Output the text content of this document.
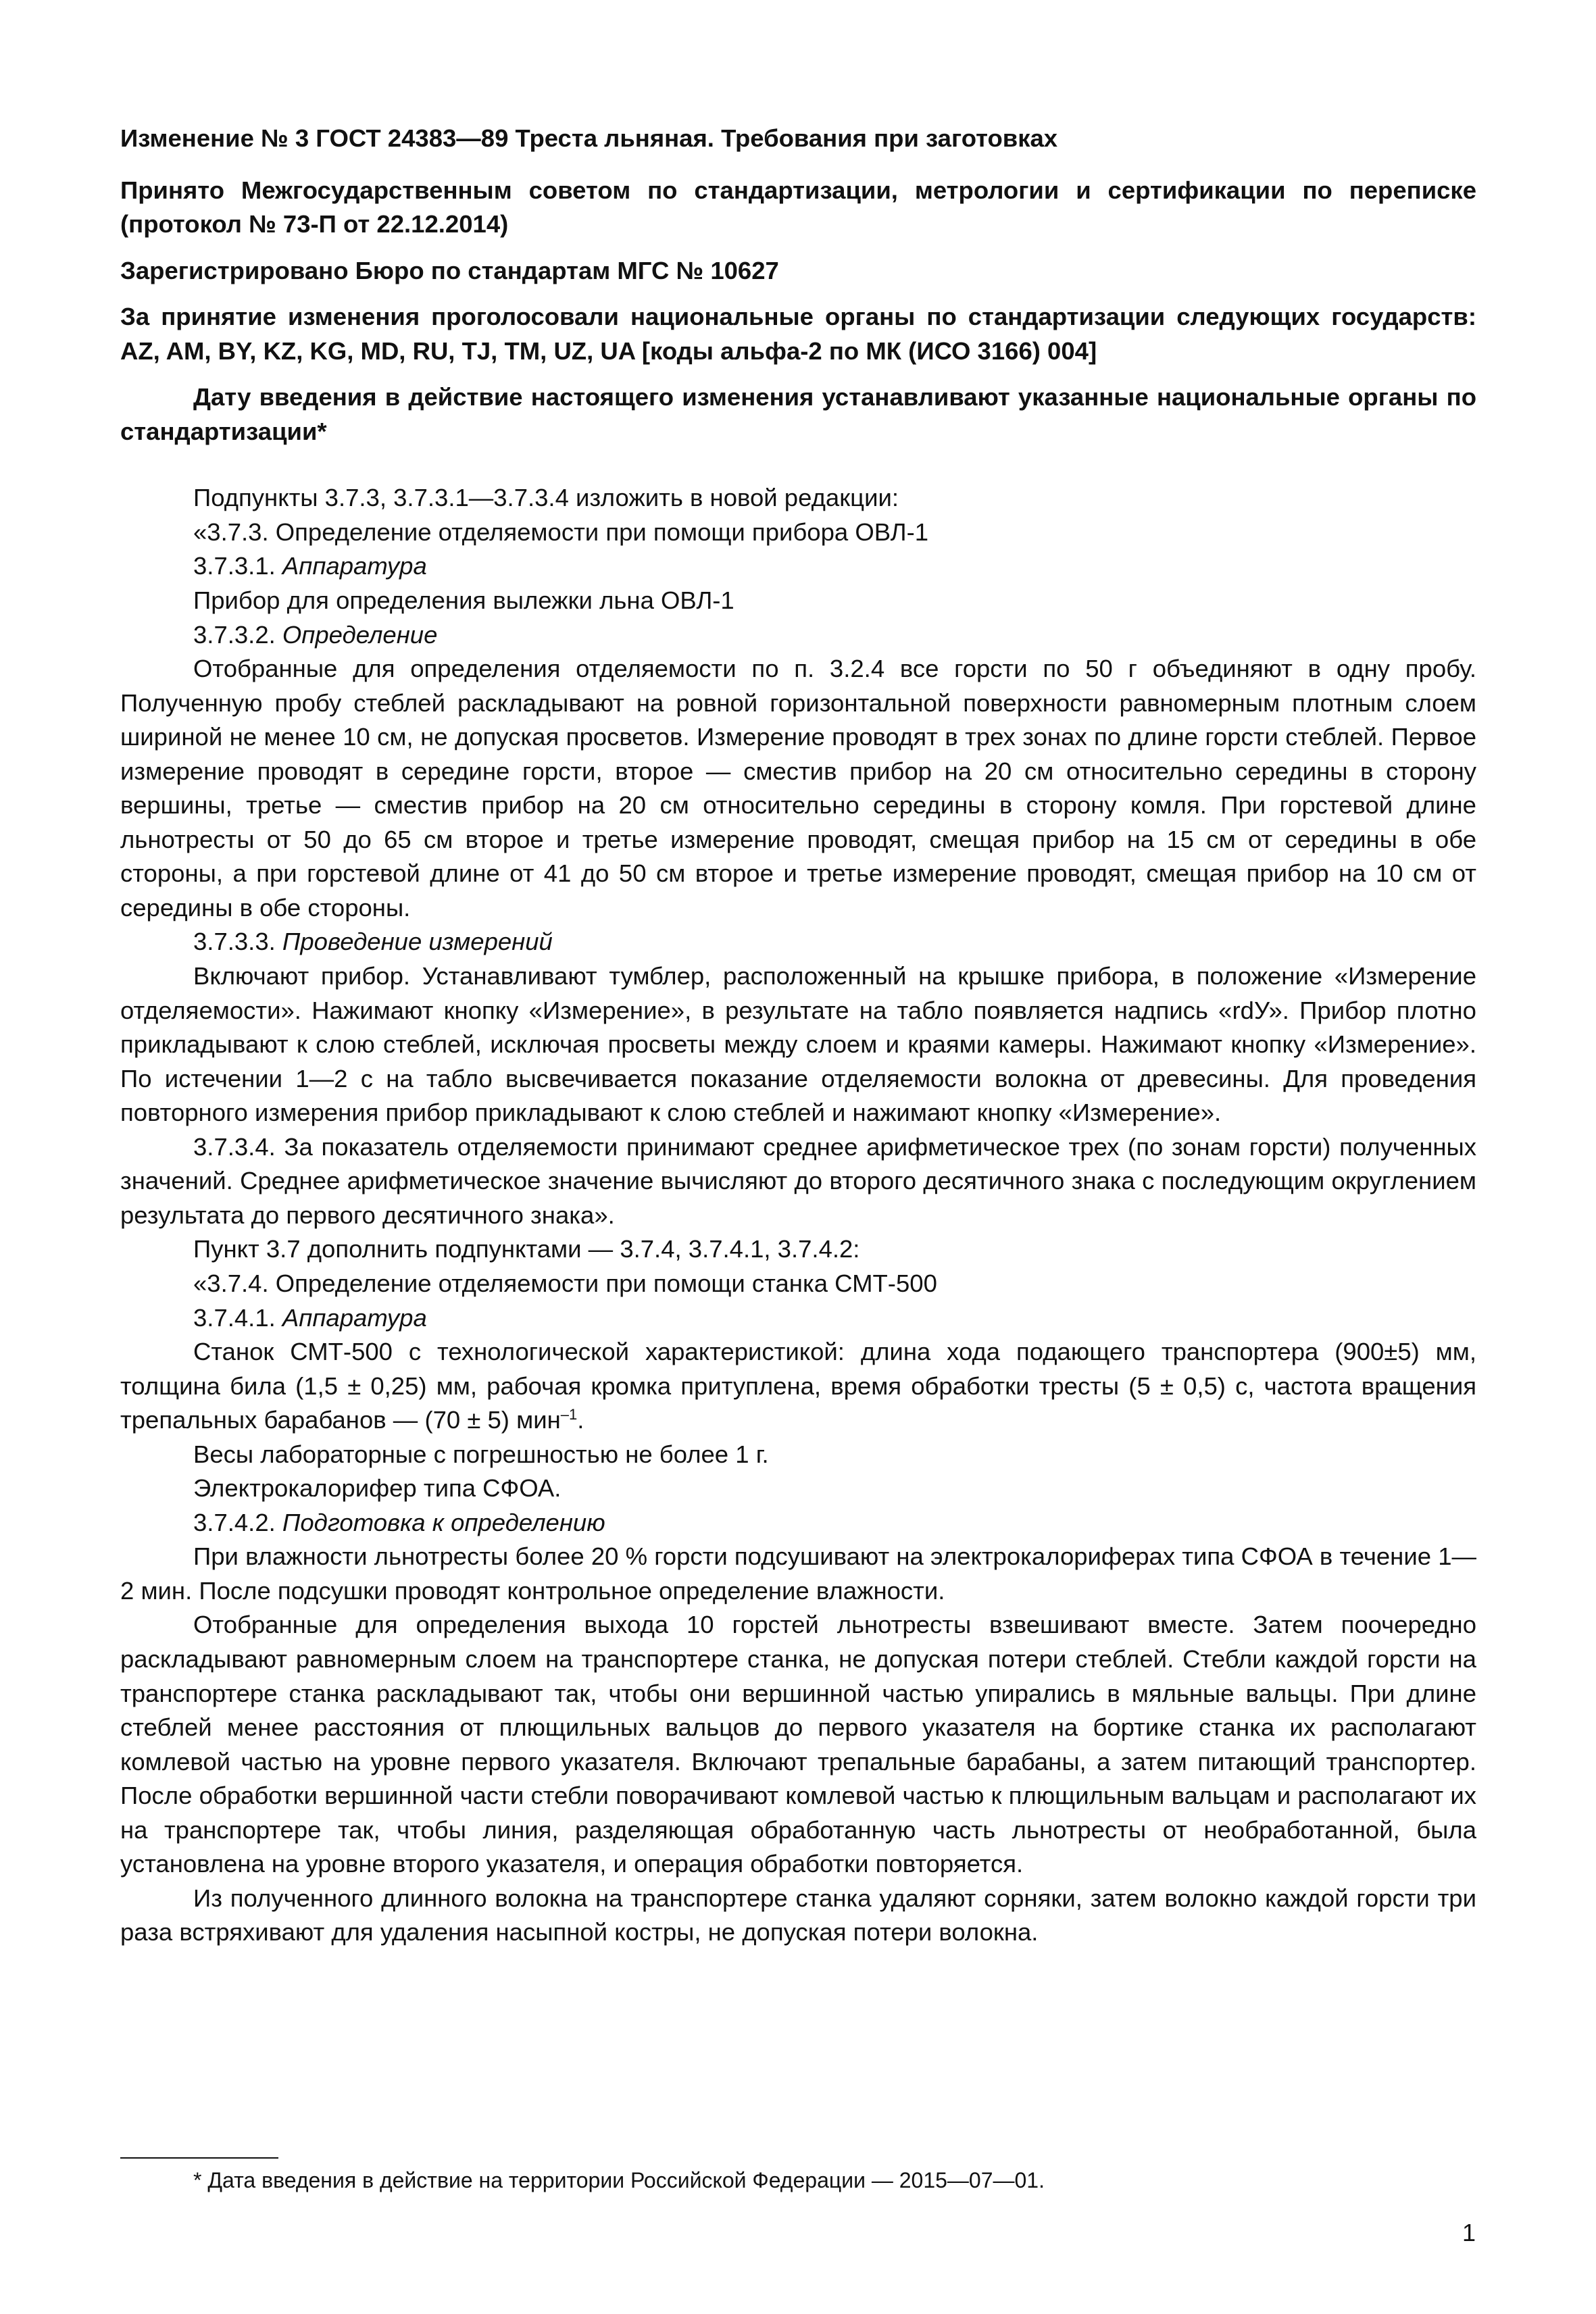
Изменение № 3 ГОСТ 24383—89 Треста льняная. Требования при заготовках

Принято Межгосударственным советом по стандартизации, метрологии и сертификации по переписке (протокол № 73-П от 22.12.2014)

Зарегистрировано Бюро по стандартам МГС № 10627

За принятие изменения проголосовали национальные органы по стандартизации следующих государств: AZ, AM, BY, KZ, KG, MD, RU, TJ, TM, UZ, UA [коды альфа-2 по МК (ИСО 3166) 004]

Дату введения в действие настоящего изменения устанавливают указанные национальные органы по стандартизации*

Подпункты 3.7.3, 3.7.3.1—3.7.3.4 изложить в новой редакции:

«3.7.3. Определение отделяемости при помощи прибора ОВЛ-1

3.7.3.1. Аппаратура

Прибор для определения вылежки льна ОВЛ-1

3.7.3.2. Определение

Отобранные для определения отделяемости по п. 3.2.4 все горсти по 50 г объединяют в одну пробу. Полученную пробу стеблей раскладывают на ровной горизонтальной поверхности равномерным плотным слоем шириной не менее 10 см, не допуская просветов. Измерение проводят в трех зонах по длине горсти стеблей. Первое измерение проводят в середине горсти, второе — сместив прибор на 20 см относительно середины в сторону вершины, третье — сместив прибор на 20 см относительно середины в сторону комля. При горстевой длине льнотресты от 50 до 65 см второе и третье измерение проводят, смещая прибор на 15 см от середины в обе стороны, а при горстевой длине от 41 до 50 см второе и третье измерение проводят, смещая прибор на 10 см от середины в обе стороны.

3.7.3.3. Проведение измерений

Включают прибор. Устанавливают тумблер, расположенный на крышке прибора, в положение «Измерение отделяемости». Нажимают кнопку «Измерение», в результате на табло появляется надпись «rdУ». Прибор плотно прикладывают к слою стеблей, исключая просветы между слоем и краями камеры. Нажимают кнопку «Измерение». По истечении 1—2 с на табло высвечивается показание отделяемости волокна от древесины. Для проведения повторного измерения прибор прикладывают к слою стеблей и нажимают кнопку «Измерение».

3.7.3.4. За показатель отделяемости принимают среднее арифметическое трех (по зонам горсти) полученных значений. Среднее арифметическое значение вычисляют до второго десятичного знака с последующим округлением результата до первого десятичного знака».

Пункт 3.7 дополнить подпунктами — 3.7.4, 3.7.4.1, 3.7.4.2:

«3.7.4. Определение отделяемости при помощи станка СМТ-500

3.7.4.1. Аппаратура

Станок СМТ-500 с технологической характеристикой: длина хода подающего транспортера (900±5) мм, толщина била (1,5 ± 0,25) мм, рабочая кромка притуплена, время обработки тресты (5 ± 0,5) с, частота вращения трепальных барабанов — (70 ± 5) мин$^{-1}$.

Весы лабораторные с погрешностью не более 1 г.

Электрокалорифер типа СФОА.

3.7.4.2. Подготовка к определению

При влажности льнотресты более 20 % горсти подсушивают на электрокалориферах типа СФОА в течение 1—2 мин. После подсушки проводят контрольное определение влажности.

Отобранные для определения выхода 10 горстей льнотресты взвешивают вместе. Затем поочередно раскладывают равномерным слоем на транспортере станка, не допуская потери стеблей. Стебли каждой горсти на транспортере станка раскладывают так, чтобы они вершинной частью упирались в мяльные вальцы. При длине стеблей менее расстояния от плющильных вальцов до первого указателя на бортике станка их располагают комлевой частью на уровне первого указателя. Включают трепальные барабаны, а затем питающий транспортер. После обработки вершинной части стебли поворачивают комлевой частью к плющильным вальцам и располагают их на транспортере так, чтобы линия, разделяющая обработанную часть льнотресты от необработанной, была установлена на уровне второго указателя, и операция обработки повторяется.

Из полученного длинного волокна на транспортере станка удаляют сорняки, затем волокно каждой горсти три раза встряхивают для удаления насыпной костры, не допуская потери волокна.

* Дата введения в действие на территории Российской Федерации — 2015—07—01.
1
